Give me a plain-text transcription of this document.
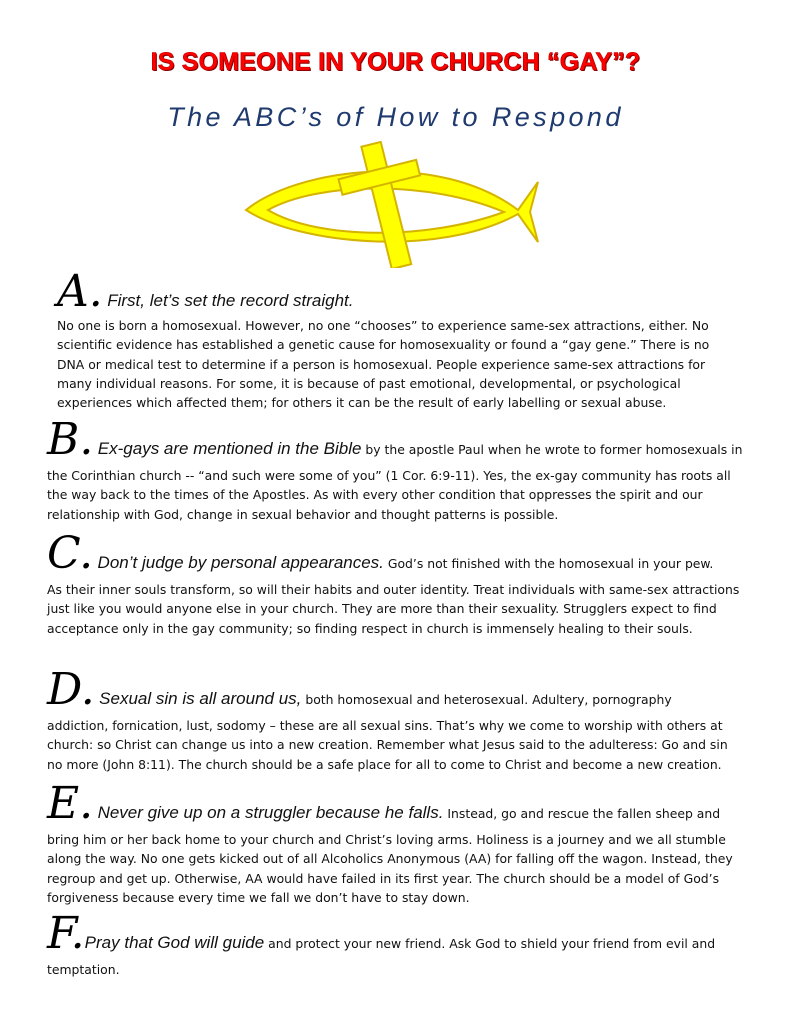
IS SOMEONE IN YOUR CHURCH “GAY”?
The ABC’s of How to Respond
A. First, let’s set the record straight.
No one is born a homosexual. However, no one “chooses” to experience same-sex attractions, either. No scientific evidence has established a genetic cause for homosexuality or found a “gay gene.” There is no DNA or medical test to determine if a person is homosexual. People experience same-sex attractions for many individual reasons. For some, it is because of past emotional, developmental, or psychological experiences which affected them; for others it can be the result of early labelling or sexual abuse.
B. Ex-gays are mentioned in the Bible by the apostle Paul when he wrote to former homosexuals in
the Corinthian church -- “and such were some of you” (1 Cor. 6:9-11). Yes, the ex-gay community has roots all the way back to the times of the Apostles. As with every other condition that oppresses the spirit and our relationship with God, change in sexual behavior and thought patterns is possible.
C. Don’t judge by personal appearances. God’s not finished with the homosexual in your pew.
As their inner souls transform, so will their habits and outer identity. Treat individuals with same-sex attractions just like you would anyone else in your church. They are more than their sexuality. Strugglers expect to find acceptance only in the gay community; so finding respect in church is immensely healing to their souls.
D. Sexual sin is all around us, both homosexual and heterosexual. Adultery, pornography
addiction, fornication, lust, sodomy – these are all sexual sins. That’s why we come to worship with others at church: so Christ can change us into a new creation. Remember what Jesus said to the adulteress: Go and sin no more (John 8:11). The church should be a safe place for all to come to Christ and become a new creation.
E. Never give up on a struggler because he falls. Instead, go and rescue the fallen sheep and
bring him or her back home to your church and Christ’s loving arms. Holiness is a journey and we all stumble along the way. No one gets kicked out of all Alcoholics Anonymous (AA) for falling off the wagon. Instead, they regroup and get up. Otherwise, AA would have failed in its first year. The church should be a model of God’s forgiveness because every time we fall we don’t have to stay down.
F.Pray that God will guide and protect your new friend. Ask God to shield your friend from evil and
temptation.
